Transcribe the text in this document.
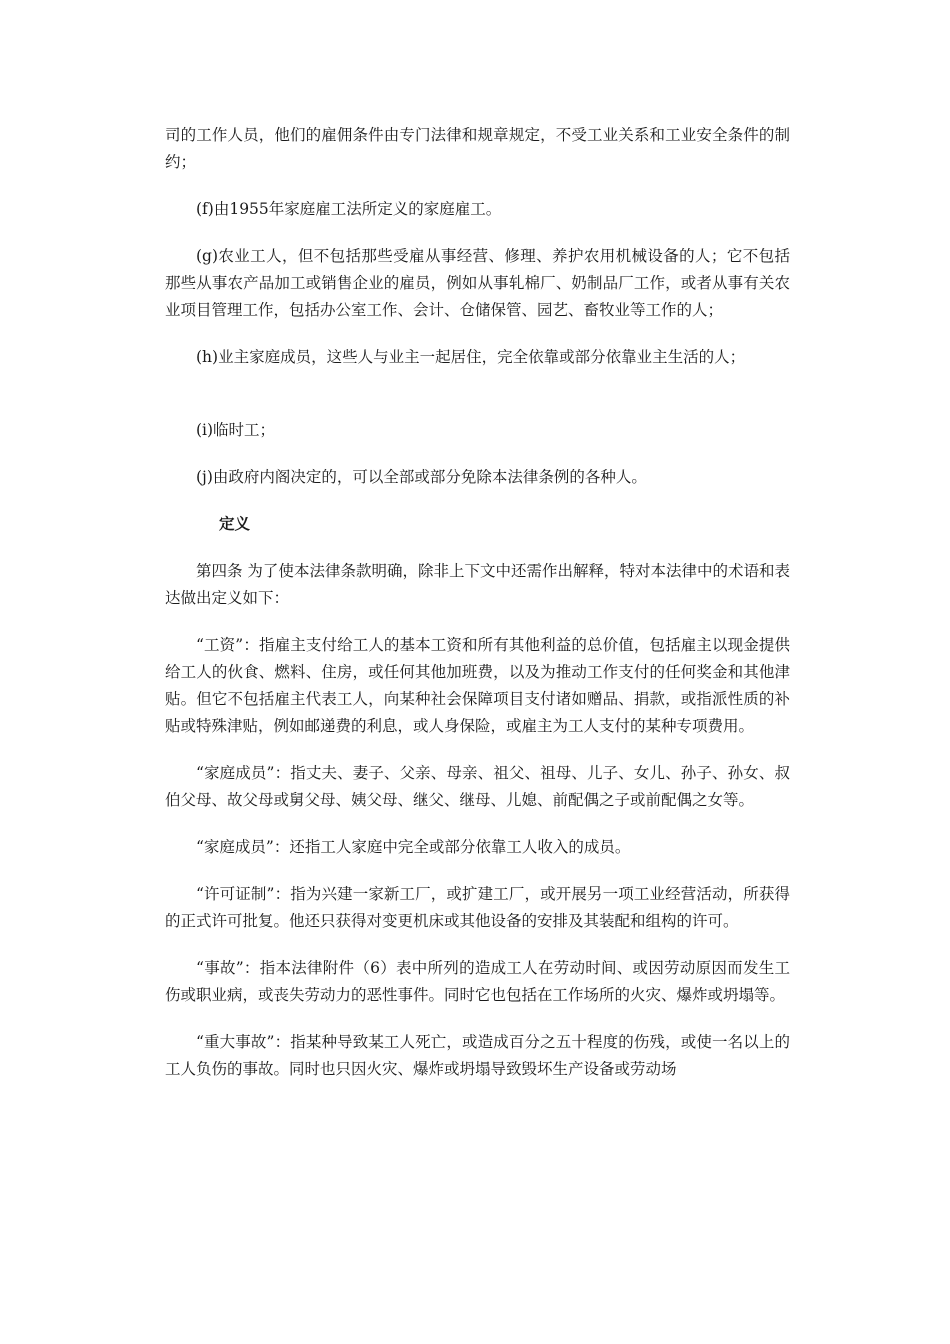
司的工作人员，他们的雇佣条件由专门法律和规章规定，不受工业关系和工业安全条件的制约；

(f)由1955年家庭雇工法所定义的家庭雇工。

(g)农业工人，但不包括那些受雇从事经营、修理、养护农用机械设备的人；它不包括那些从事农产品加工或销售企业的雇员，例如从事轧棉厂、奶制品厂工作，或者从事有关农业项目管理工作，包括办公室工作、会计、仓储保管、园艺、畜牧业等工作的人；

(h)业主家庭成员，这些人与业主一起居住，完全依靠或部分依靠业主生活的人；

(i)临时工；

(j)由政府内阁决定的，可以全部或部分免除本法律条例的各种人。

定义

第四条 为了使本法律条款明确，除非上下文中还需作出解释，特对本法律中的术语和表达做出定义如下：

“工资”：指雇主支付给工人的基本工资和所有其他利益的总价值，包括雇主以现金提供给工人的伙食、燃料、住房，或任何其他加班费，以及为推动工作支付的任何奖金和其他津贴。但它不包括雇主代表工人，向某种社会保障项目支付诸如赠品、捐款，或指派性质的补贴或特殊津贴，例如邮递费的利息，或人身保险，或雇主为工人支付的某种专项费用。

“家庭成员”：指丈夫、妻子、父亲、母亲、祖父、祖母、儿子、女儿、孙子、孙女、叔伯父母、故父母或舅父母、姨父母、继父、继母、儿媳、前配偶之子或前配偶之女等。

“家庭成员”：还指工人家庭中完全或部分依靠工人收入的成员。

“许可证制”：指为兴建一家新工厂，或扩建工厂，或开展另一项工业经营活动，所获得的正式许可批复。他还只获得对变更机床或其他设备的安排及其装配和组构的许可。

“事故”：指本法律附件（6）表中所列的造成工人在劳动时间、或因劳动原因而发生工伤或职业病，或丧失劳动力的恶性事件。同时它也包括在工作场所的火灾、爆炸或坍塌等。

“重大事故”：指某种导致某工人死亡，或造成百分之五十程度的伤残，或使一名以上的工人负伤的事故。同时也只因火灾、爆炸或坍塌导致毁坏生产设备或劳动场
